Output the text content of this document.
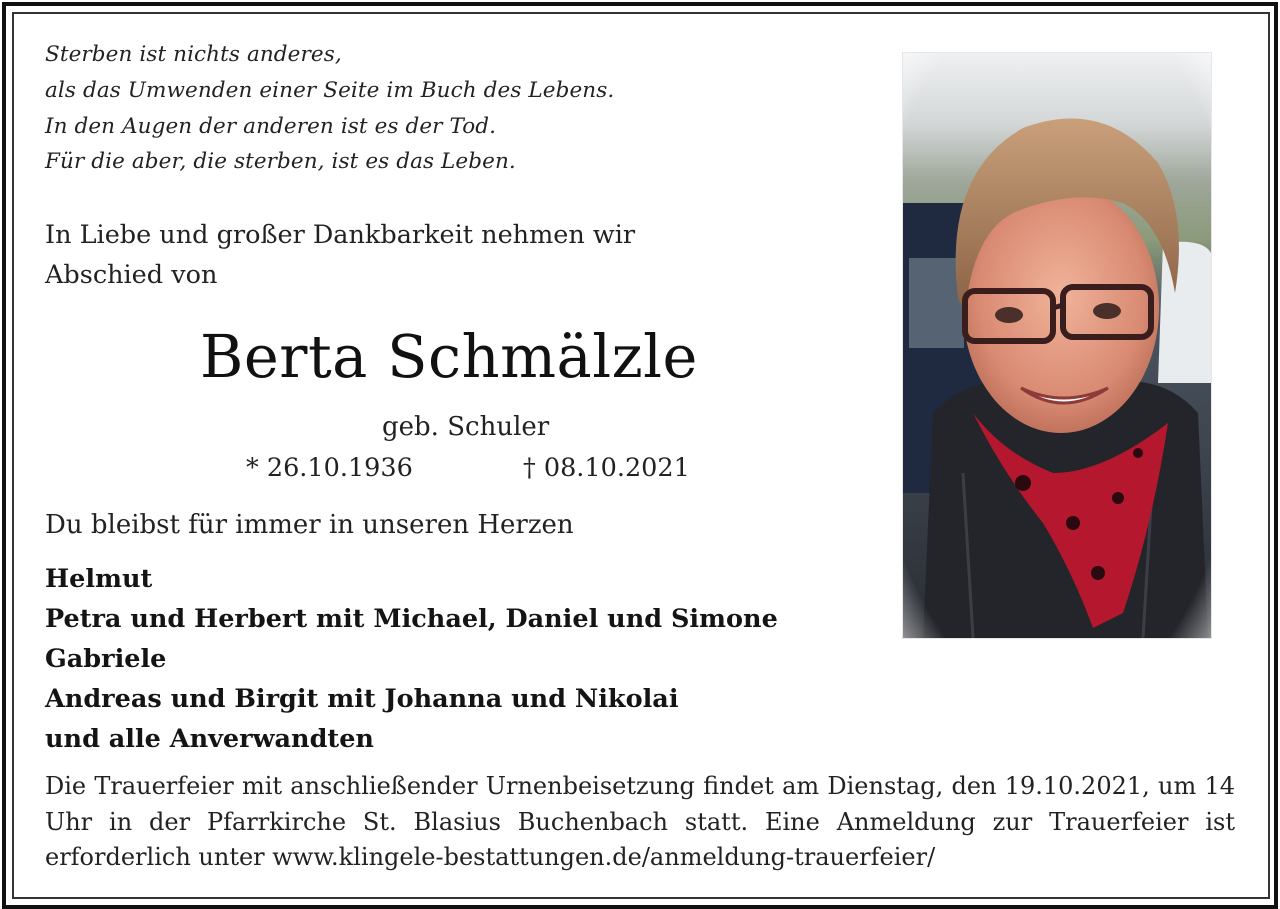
Sterben ist nichts anderes,
als das Umwenden einer Seite im Buch des Lebens.
In den Augen der anderen ist es der Tod.
Für die aber, die sterben, ist es das Leben.
In Liebe und großer Dankbarkeit nehmen wir
Abschied von
Berta Schmälzle
geb. Schuler
* 26.10.1936	† 08.10.2021
Du bleibst für immer in unseren Herzen
Helmut
Petra und Herbert mit Michael, Daniel und Simone
Gabriele
Andreas und Birgit mit Johanna und Nikolai
und alle Anverwandten
Die Trauerfeier mit anschließender Urnenbeisetzung findet am Dienstag, den 19.10.2021, um 14 Uhr in der Pfarrkirche St. Blasius Buchenbach statt. Eine Anmeldung zur Trauerfeier ist erforderlich unter www.klingele-bestattungen.de/anmeldung-trauerfeier/
